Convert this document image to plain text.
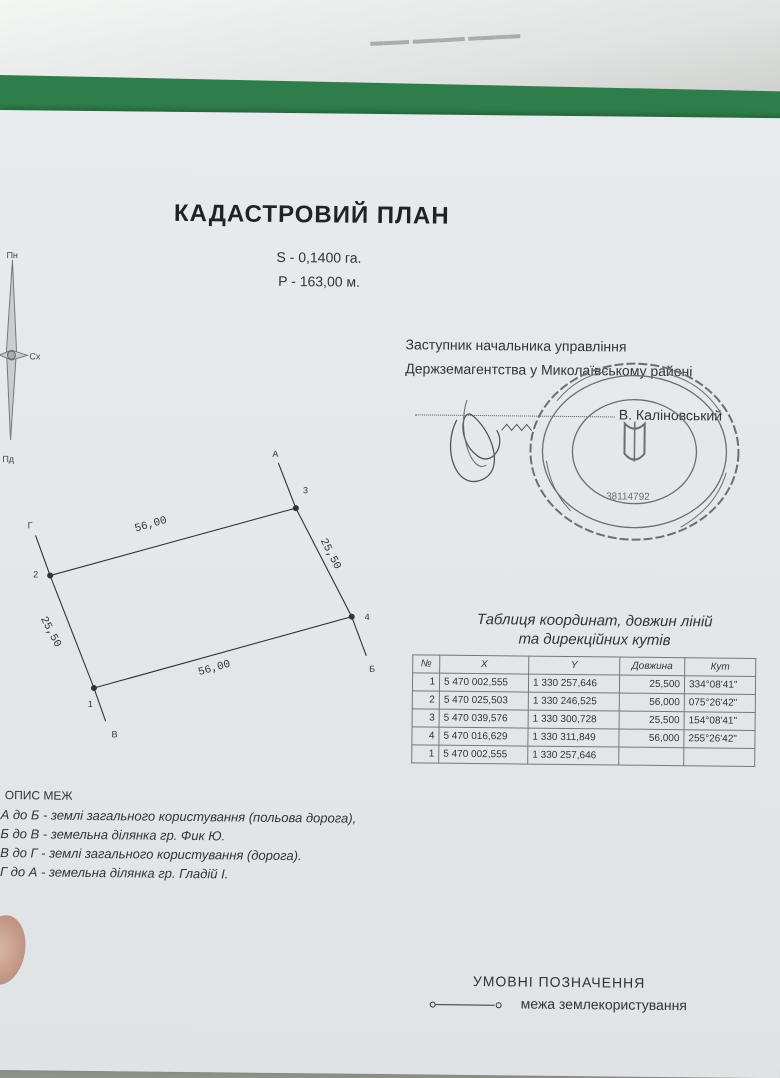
▬▬▬ ▬▬▬▬ ▬▬▬▬
КАДАСТРОВИЙ ПЛАН
S - 0,1400 га.
P - 163,00 м.
Пн
Сх
Пд
Заступник начальника управління
Держземагентства у Миколаївському районі
В. Каліновський
38114792
56,00
25,50
56,00
25,50
1
2
3
4
А
Б
В
Г
Таблиця координат, довжин ліній
та дирекційних кутів
№	X	Y	Довжина	Кут
1	5 470 002,555	1 330 257,646	25,500	334°08'41"
2	5 470 025,503	1 330 246,525	56,000	075°26'42"
3	5 470 039,576	1 330 300,728	25,500	154°08'41"
4	5 470 016,629	1 330 311,849	56,000	255°26'42"
1	5 470 002,555	1 330 257,646		
ОПИС МЕЖ
А до Б - землі загального користування (польова дорога),
Б до В - земельна ділянка гр. Фик Ю.
В до Г - землі загального користування (дорога).
Г до А - земельна ділянка гр. Гладій І.
УМОВНІ ПОЗНАЧЕННЯ
межа землекористування
